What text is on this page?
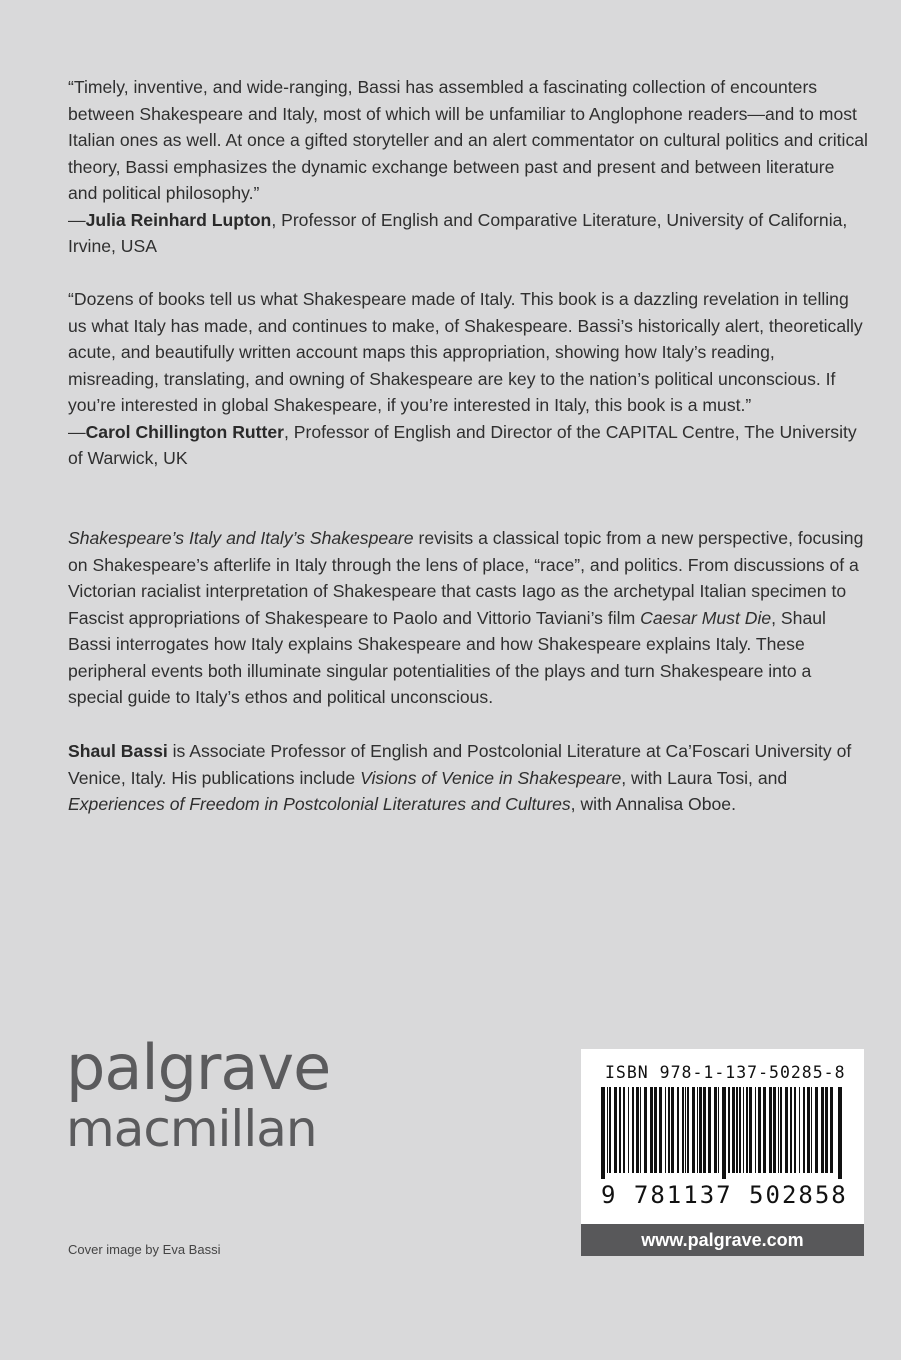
“Timely, inventive, and wide-ranging, Bassi has assembled a fascinating collection of encounters between Shakespeare and Italy, most of which will be unfamiliar to Anglophone readers—and to most Italian ones as well. At once a gifted storyteller and an alert commentator on cultural politics and critical theory, Bassi emphasizes the dynamic exchange between past and present and between literature and political philosophy.”
—Julia Reinhard Lupton, Professor of English and Comparative Literature, University of California, Irvine, USA

“Dozens of books tell us what Shakespeare made of Italy. This book is a dazzling revelation in telling us what Italy has made, and continues to make, of Shakespeare. Bassi’s historically alert, theoretically acute, and beautifully written account maps this appropriation, showing how Italy’s reading, misreading, translating, and owning of Shakespeare are key to the nation’s political unconscious. If you’re interested in global Shakespeare, if you’re interested in Italy, this book is a must.”
—Carol Chillington Rutter, Professor of English and Director of the CAPITAL Centre, The University of Warwick, UK

Shakespeare’s Italy and Italy’s Shakespeare revisits a classical topic from a new perspective, focusing on Shakespeare’s afterlife in Italy through the lens of place, “race”, and politics. From discussions of a Victorian racialist interpretation of Shakespeare that casts Iago as the archetypal Italian specimen to Fascist appropriations of Shakespeare to Paolo and Vittorio Taviani’s film Caesar Must Die, Shaul Bassi interrogates how Italy explains Shakespeare and how Shakespeare explains Italy. These peripheral events both illuminate singular potentialities of the plays and turn Shakespeare into a special guide to Italy’s ethos and political unconscious.

Shaul Bassi is Associate Professor of English and Postcolonial Literature at Ca’Foscari University of Venice, Italy. His publications include Visions of Venice in Shakespeare, with Laura Tosi, and Experiences of Freedom in Postcolonial Literatures and Cultures, with Annalisa Oboe.

palgrave
macmillan
Cover image by Eva Bassi
ISBN 978-1-137-50285-8
9 781137 502858
www.palgrave.com
